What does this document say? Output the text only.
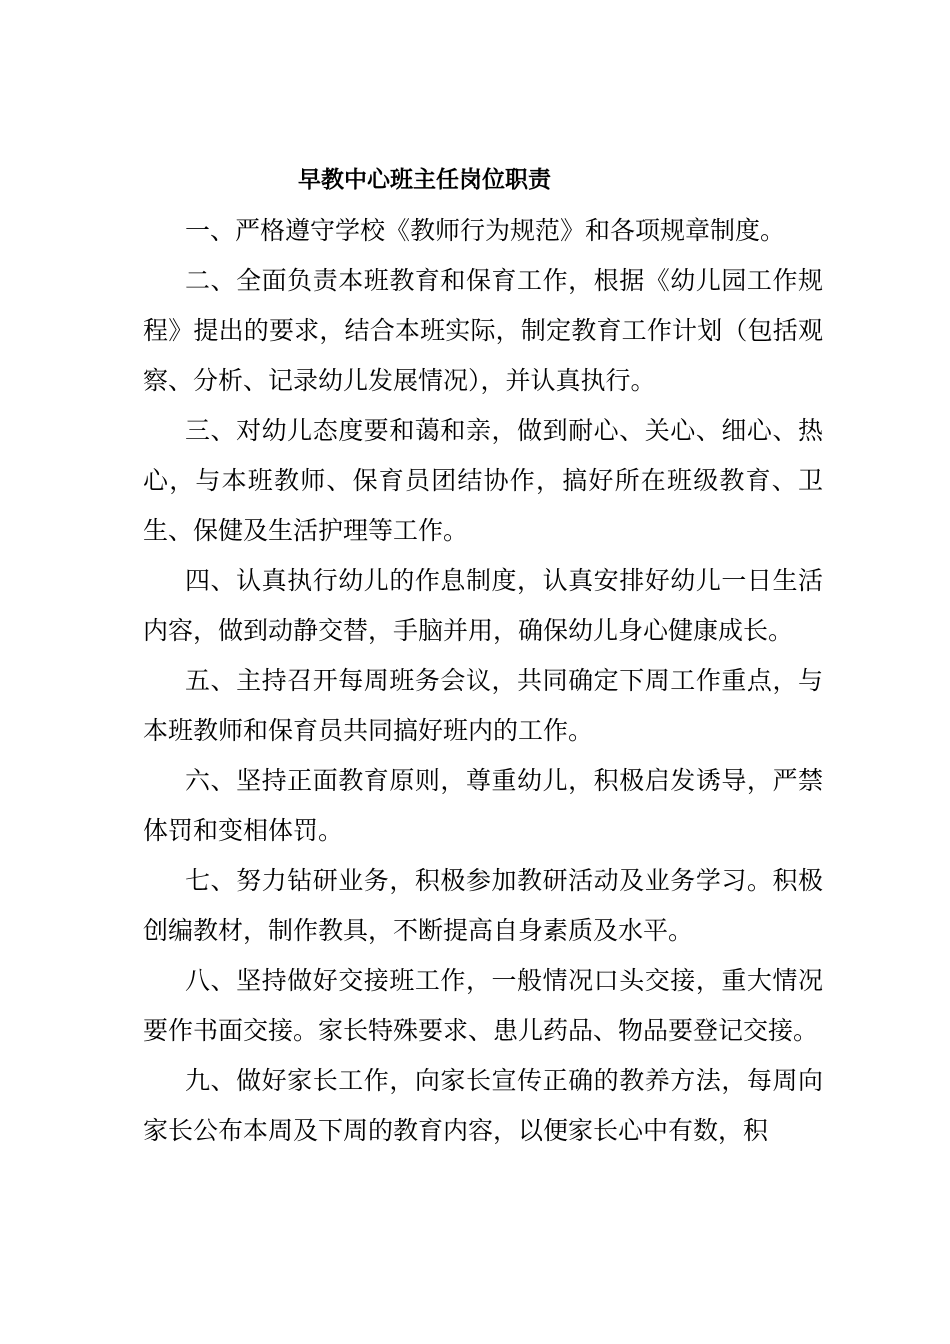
早教中心班主任岗位职责

一、严格遵守学校《教师行为规范》和各项规章制度。

二、全面负责本班教育和保育工作，根据《幼儿园工作规程》提出的要求，结合本班实际，制定教育工作计划（包括观察、分析、记录幼儿发展情况），并认真执行。

三、对幼儿态度要和蔼和亲，做到耐心、关心、细心、热心，与本班教师、保育员团结协作，搞好所在班级教育、卫生、保健及生活护理等工作。

四、认真执行幼儿的作息制度，认真安排好幼儿一日生活内容，做到动静交替，手脑并用，确保幼儿身心健康成长。

五、主持召开每周班务会议，共同确定下周工作重点，与本班教师和保育员共同搞好班内的工作。

六、坚持正面教育原则，尊重幼儿，积极启发诱导，严禁体罚和变相体罚。

七、努力钻研业务，积极参加教研活动及业务学习。积极创编教材，制作教具，不断提高自身素质及水平。

八、坚持做好交接班工作，一般情况口头交接，重大情况要作书面交接。家长特殊要求、患儿药品、物品要登记交接。

九、做好家长工作，向家长宣传正确的教养方法，每周向家长公布本周及下周的教育内容，以便家长心中有数，积
